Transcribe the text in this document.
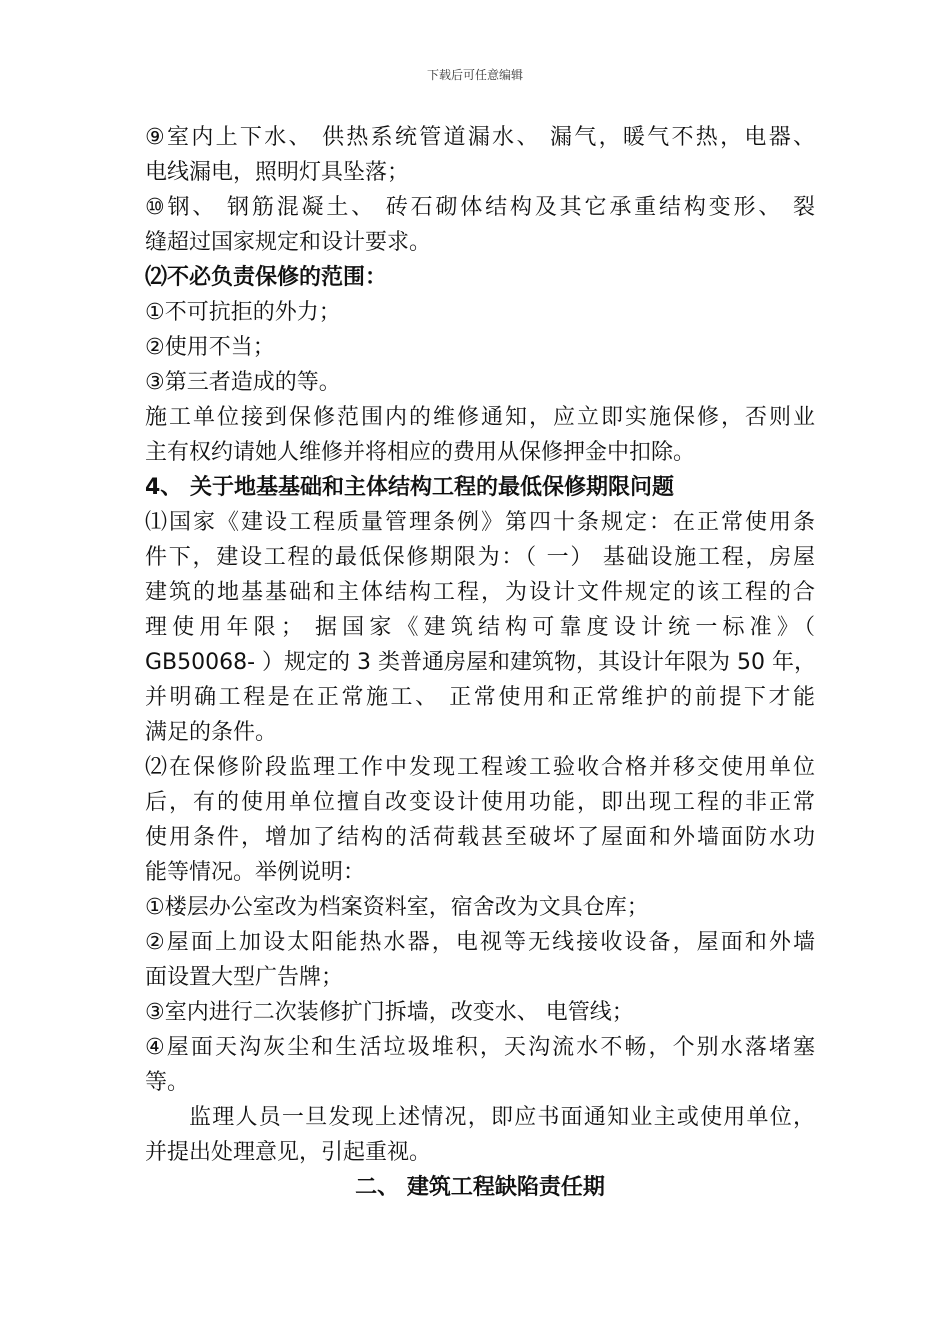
下载后可任意编辑
⑨室内上下水、 供热系统管道漏水、 漏气，暖气不热，电器、
电线漏电，照明灯具坠落；
⑩钢、 钢筋混凝土、 砖石砌体结构及其它承重结构变形、 裂
缝超过国家规定和设计要求。
⑵不必负责保修的范围：
①不可抗拒的外力；
②使用不当；
③第三者造成的等。
施工单位接到保修范围内的维修通知，应立即实施保修，否则业
主有权约请她人维修并将相应的费用从保修押金中扣除。
4、 关于地基基础和主体结构工程的最低保修期限问题
⑴国家《建设工程质量管理条例》第四十条规定：在正常使用条
件下，建设工程的最低保修期限为：（ 一） 基础设施工程，房屋
建筑的地基基础和主体结构工程，为设计文件规定的该工程的合
理使用年限； 据国家《建筑结构可靠度设计统一标准》（
GB50068- ）规定的 3 类普通房屋和建筑物，其设计年限为 50 年，
并明确工程是在正常施工、 正常使用和正常维护的前提下才能
满足的条件。
⑵在保修阶段监理工作中发现工程竣工验收合格并移交使用单位
后，有的使用单位擅自改变设计使用功能，即出现工程的非正常
使用条件，增加了结构的活荷载甚至破坏了屋面和外墙面防水功
能等情况。举例说明：
①楼层办公室改为档案资料室，宿舍改为文具仓库；
②屋面上加设太阳能热水器，电视等无线接收设备，屋面和外墙
面设置大型广告牌；
③室内进行二次装修扩门拆墙，改变水、 电管线；
④屋面天沟灰尘和生活垃圾堆积，天沟流水不畅，个别水落堵塞
等。
监理人员一旦发现上述情况，即应书面通知业主或使用单位，
并提出处理意见，引起重视。
二、 建筑工程缺陷责任期
